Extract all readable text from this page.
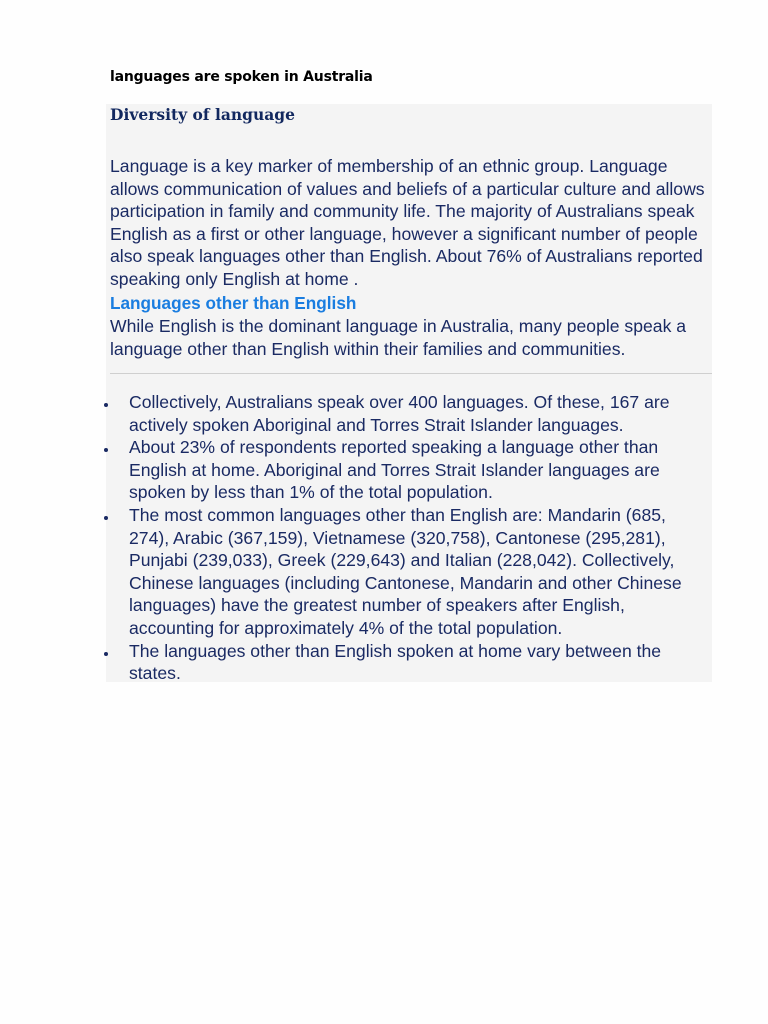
languages are spoken in Australia
Diversity of language

Language is a key marker of membership of an ethnic group. Language allows communication of values and beliefs of a particular culture and allows participation in family and community life. The majority of Australians speak English as a first or other language, however a significant number of people also speak languages other than English. About 76% of Australians reported speaking only English at home .

Languages other than English

While English is the dominant language in Australia, many people speak a language other than English within their families and communities.

Collectively, Australians speak over 400 languages. Of these, 167 are actively spoken Aboriginal and Torres Strait Islander languages.
About 23% of respondents reported speaking a language other than English at home. Aboriginal and Torres Strait Islander languages are spoken by less than 1% of the total population.
The most common languages other than English are: Mandarin (685, 274), Arabic (367,159), Vietnamese (320,758), Cantonese (295,281), Punjabi (239,033), Greek (229,643) and Italian (228,042). Collectively, Chinese languages (including Cantonese, Mandarin and other Chinese languages) have the greatest number of speakers after English, accounting for approximately 4% of the total population.
The languages other than English spoken at home vary between the states.
